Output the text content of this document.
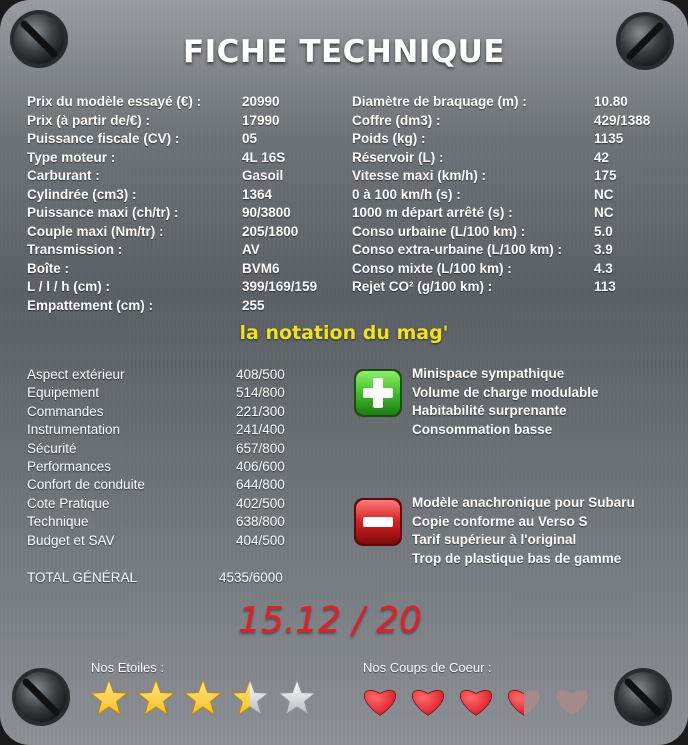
FICHE TECHNIQUE
Prix du modèle essayé (€) :
Prix (à partir de/€) :
Puissance fiscale (CV) :
Type moteur :
Carburant :
Cylindrée (cm3) :
Puissance maxi (ch/tr) :
Couple maxi (Nm/tr) :
Transmission :
Boîte :
L / l / h (cm) :
Empattement (cm) :
20990
17990
05
4L 16S
Gasoil
1364
90/3800
205/1800
AV
BVM6
399/169/159
255
Diamètre de braquage (m) :
Coffre (dm3) :
Poids (kg) :
Réservoir (L) :
Vitesse maxi (km/h) :
0 à 100 km/h (s) :
1000 m départ arrêté (s) :
Conso urbaine (L/100 km) :
Conso extra-urbaine (L/100 km) :
Conso mixte (L/100 km) :
Rejet CO² (g/100 km) :
10.80
429/1388
1135
42
175
NC
NC
5.0
3.9
4.3
113
la notation du mag'
Aspect extérieur
Equipement
Commandes
Instrumentation
Sécurité
Performances
Confort de conduite
Cote Pratique
Technique
Budget et SAV
408/500
514/800
221/300
241/400
657/800
406/600
644/800
402/500
638/800
404/500
TOTAL GÉNÉRAL	4535/6000
Minispace sympathique
Volume de charge modulable
Habitabilité surprenante
Consommation basse
Modèle anachronique pour Subaru
Copie conforme au Verso S
Tarif supérieur à l'original
Trop de plastique bas de gamme
15.12 / 20
Nos Etoiles :	Nos Coups de Coeur :
